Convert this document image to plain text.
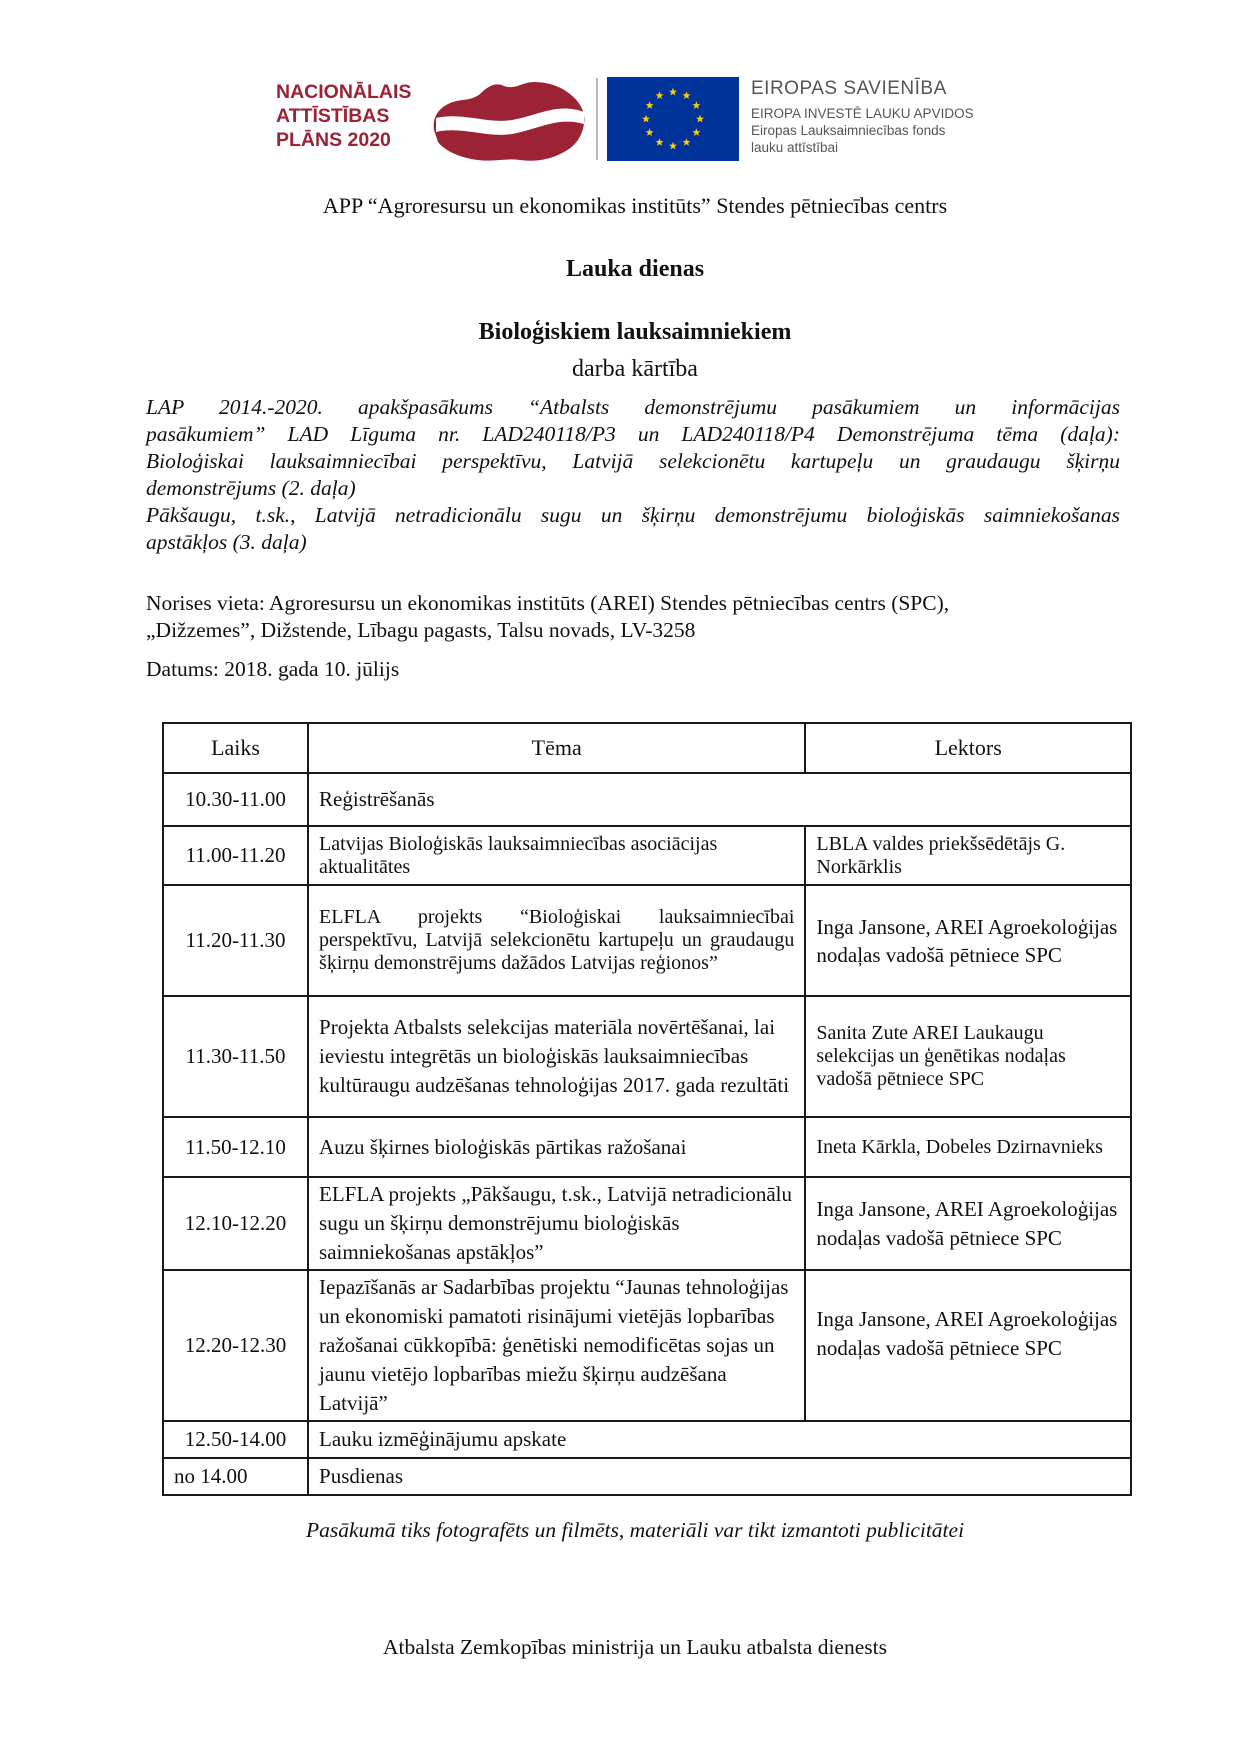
NACIONĀLAIS
ATTĪSTĪBAS
PLĀNS 2020
EIROPAS SAVIENĪBA
EIROPA INVESTĒ LAUKU APVIDOS
Eiropas Lauksaimniecības fonds
lauku attīstībai
APP “Agroresursu un ekonomikas institūts” Stendes pētniecības centrs
Lauka dienas
Bioloģiskiem lauksaimniekiem
darba kārtība

LAP 2014.-2020. apakšpasākums “Atbalsts demonstrējumu pasākumiem un informācijas

pasākumiem” LAD Līguma nr. LAD240118/P3 un LAD240118/P4 Demonstrējuma tēma (daļa):

Bioloģiskai lauksaimniecībai perspektīvu, Latvijā selekcionētu kartupeļu un graudaugu šķirņu

demonstrējums (2. daļa)

Pākšaugu, t.sk., Latvijā netradicionālu sugu un šķirņu demonstrējumu bioloģiskās saimniekošanas

apstākļos (3. daļa)

Norises vieta: Agroresursu un ekonomikas institūts (AREI) Stendes pētniecības centrs (SPC),
„Dižzemes”, Dižstende, Lībagu pagasts, Talsu novads, LV-3258
Datums: 2018. gada 10. jūlijs
Laiks	Tēma	Lektors
10.30-11.00	Reģistrēšanās	
11.00-11.20	Latvijas Bioloģiskās lauksaimniecības asociācijas aktualitātes	LBLA valdes priekšsēdētājs G. Norkārklis
11.20-11.30	ELFLA projekts “Bioloģiskai lauksaimniecībai perspektīvu, Latvijā selekcionētu kartupeļu un graudaugu šķirņu demonstrējums dažādos Latvijas reģionos”	Inga Jansone, AREI Agroekoloģijas nodaļas vadošā pētniece SPC
11.30-11.50	Projekta Atbalsts selekcijas materiāla novērtēšanai, lai ieviestu integrētās un bioloģiskās lauksaimniecības kultūraugu audzēšanas tehnoloģijas 2017. gada rezultāti	Sanita Zute AREI Laukaugu selekcijas un ģenētikas nodaļas vadošā pētniece SPC
11.50-12.10	Auzu šķirnes bioloģiskās pārtikas ražošanai	Ineta Kārkla, Dobeles Dzirnavnieks
12.10-12.20	ELFLA projekts „Pākšaugu, t.sk., Latvijā netradicionālu sugu un šķirņu demonstrējumu bioloģiskās saimniekošanas apstākļos”	Inga Jansone, AREI Agroekoloģijas nodaļas vadošā pētniece SPC
12.20-12.30	Iepazīšanās ar Sadarbības projektu “Jaunas tehnoloģijas un ekonomiski pamatoti risinājumi vietējās lopbarības ražošanai cūkkopībā: ģenētiski nemodificētas sojas un jaunu vietējo lopbarības miežu šķirņu audzēšana Latvijā”	Inga Jansone, AREI Agroekoloģijas nodaļas vadošā pētniece SPC
12.50-14.00	Lauku izmēģinājumu apskate	
no 14.00	Pusdienas	
Pasākumā tiks fotografēts un filmēts, materiāli var tikt izmantoti publicitātei
Atbalsta Zemkopības ministrija un Lauku atbalsta dienests
